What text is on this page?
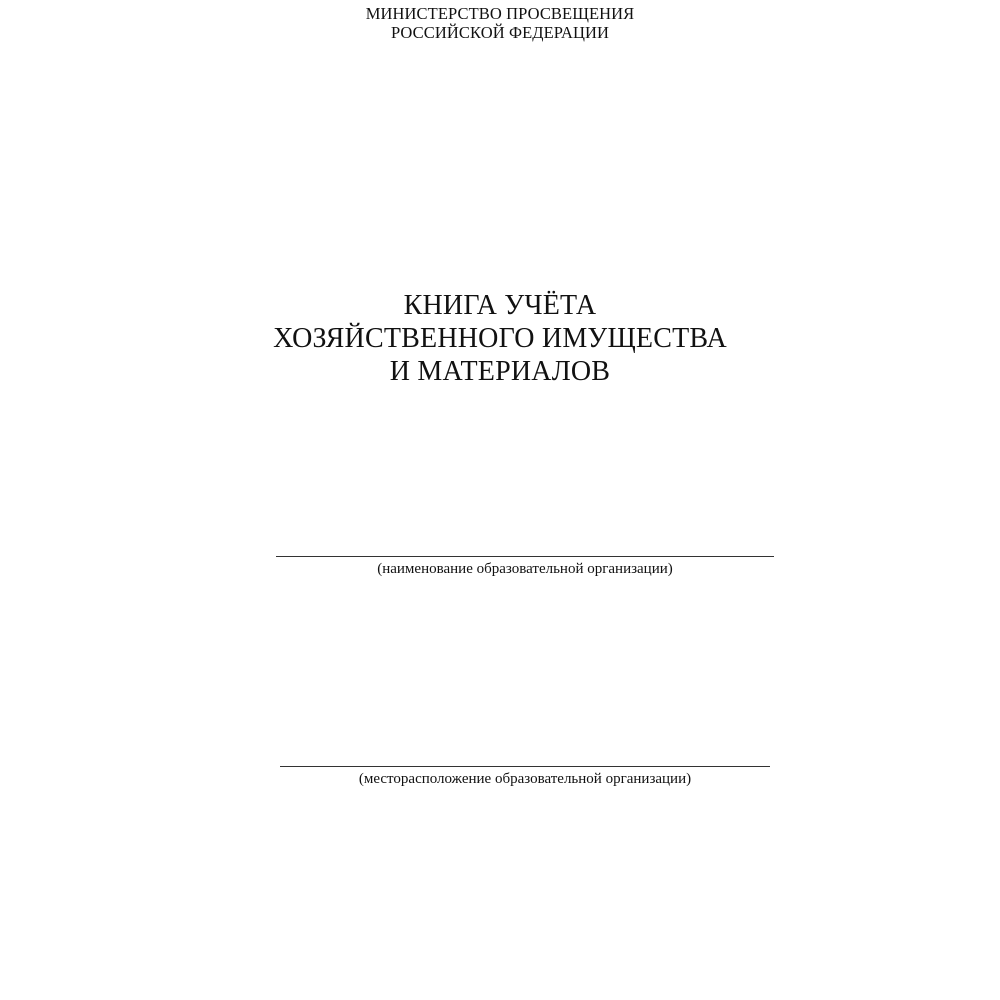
МИНИСТЕРСТВО ПРОСВЕЩЕНИЯ
РОССИЙСКОЙ ФЕДЕРАЦИИ
КНИГА УЧЁТА
ХОЗЯЙСТВЕННОГО ИМУЩЕСТВА
И МАТЕРИАЛОВ
(наименование образовательной организации)
(месторасположение образовательной организации)
